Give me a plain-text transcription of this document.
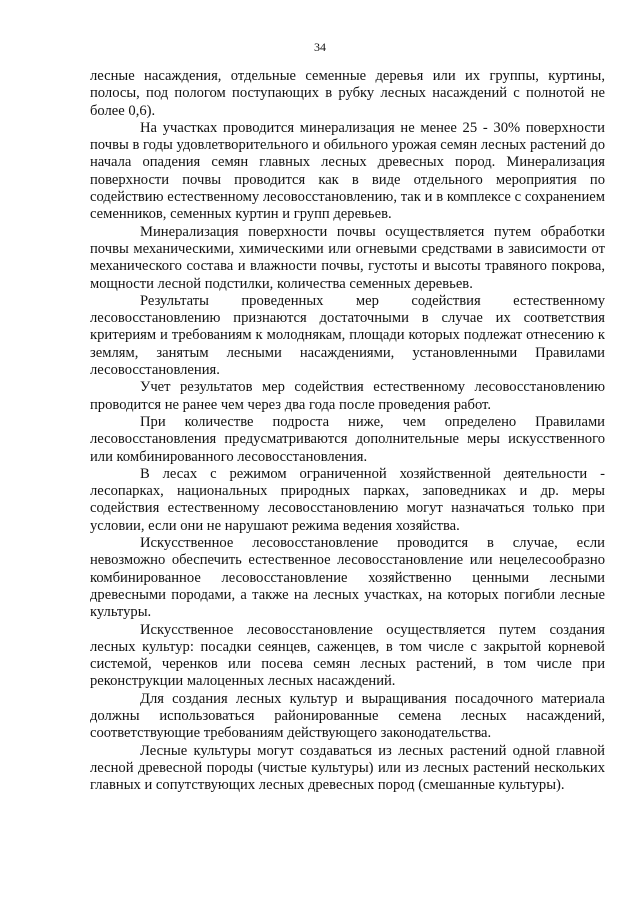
34

лесные насаждения, отдельные семенные деревья или их группы, куртины, полосы, под пологом поступающих в рубку лесных насаждений с полнотой не более 0,6).

На участках проводится минерализация не менее 25 - 30% поверхности почвы в годы удовлетворительного и обильного урожая семян лесных растений до начала опадения семян главных лесных древесных пород. Минерализация поверхности почвы проводится как в виде отдельного мероприятия по содействию естественному лесовосстановлению, так и в комплексе с сохранением семенников, семенных куртин и групп деревьев.

Минерализация поверхности почвы осуществляется путем обработки почвы механическими, химическими или огневыми средствами в зависимости от механического состава и влажности почвы, густоты и высоты травяного покрова, мощности лесной подстилки, количества семенных деревьев.

Результаты проведенных мер содействия естественному лесовосстановлению признаются достаточными в случае их соответствия критериям и требованиям к молоднякам, площади которых подлежат отнесению к землям, занятым лесными насаждениями, установленными Правилами лесовосстановления.

Учет результатов мер содействия естественному лесовосстановлению проводится не ранее чем через два года после проведения работ.

При количестве подроста ниже, чем определено Правилами лесовосстановления предусматриваются дополнительные меры искусственного или комбинированного лесовосстановления.

В лесах с режимом ограниченной хозяйственной деятельности - лесопарках, национальных природных парках, заповедниках и др. меры содействия естественному лесовосстановлению могут назначаться только при условии, если они не нарушают режима ведения хозяйства.

Искусственное лесовосстановление проводится в случае, если невозможно обеспечить естественное лесовосстановление или нецелесообразно комбинированное лесовосстановление хозяйственно ценными лесными древесными породами, а также на лесных участках, на которых погибли лесные культуры.

Искусственное лесовосстановление осуществляется путем создания лесных культур: посадки сеянцев, саженцев, в том числе с закрытой корневой системой, черенков или посева семян лесных растений, в том числе при реконструкции малоценных лесных насаждений.

Для создания лесных культур и выращивания посадочного материала должны использоваться районированные семена лесных насаждений, соответствующие требованиям действующего законодательства.

Лесные культуры могут создаваться из лесных растений одной главной лесной древесной породы (чистые культуры) или из лесных растений нескольких главных и сопутствующих лесных древесных пород (смешанные культуры).
